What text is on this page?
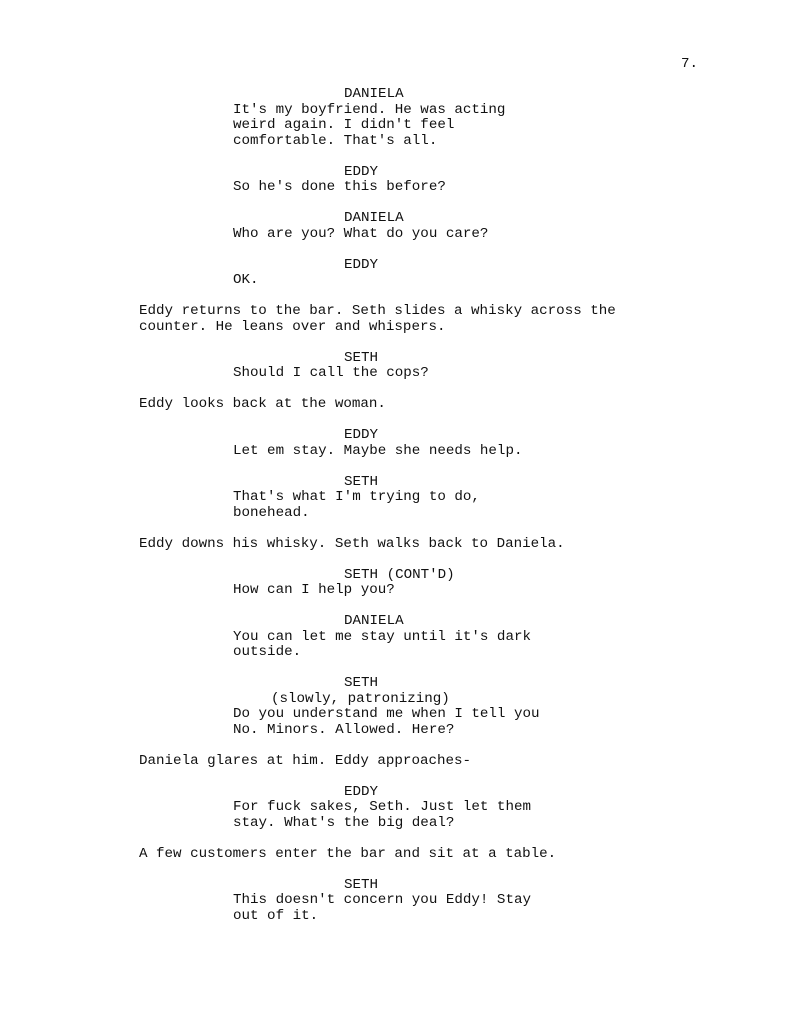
7.
DANIELA
It's my boyfriend. He was acting
weird again. I didn't feel
comfortable. That's all.
EDDY
So he's done this before?
DANIELA
Who are you? What do you care?
EDDY
OK.
Eddy returns to the bar. Seth slides a whisky across the
counter. He leans over and whispers.
SETH
Should I call the cops?
Eddy looks back at the woman.
EDDY
Let em stay. Maybe she needs help.
SETH
That's what I'm trying to do,
bonehead.
Eddy downs his whisky. Seth walks back to Daniela.
SETH (CONT'D)
How can I help you?
DANIELA
You can let me stay until it's dark
outside.
SETH
(slowly, patronizing)
Do you understand me when I tell you
No. Minors. Allowed. Here?
Daniela glares at him. Eddy approaches-
EDDY
For fuck sakes, Seth. Just let them
stay. What's the big deal?
A few customers enter the bar and sit at a table.
SETH
This doesn't concern you Eddy! Stay
out of it.
